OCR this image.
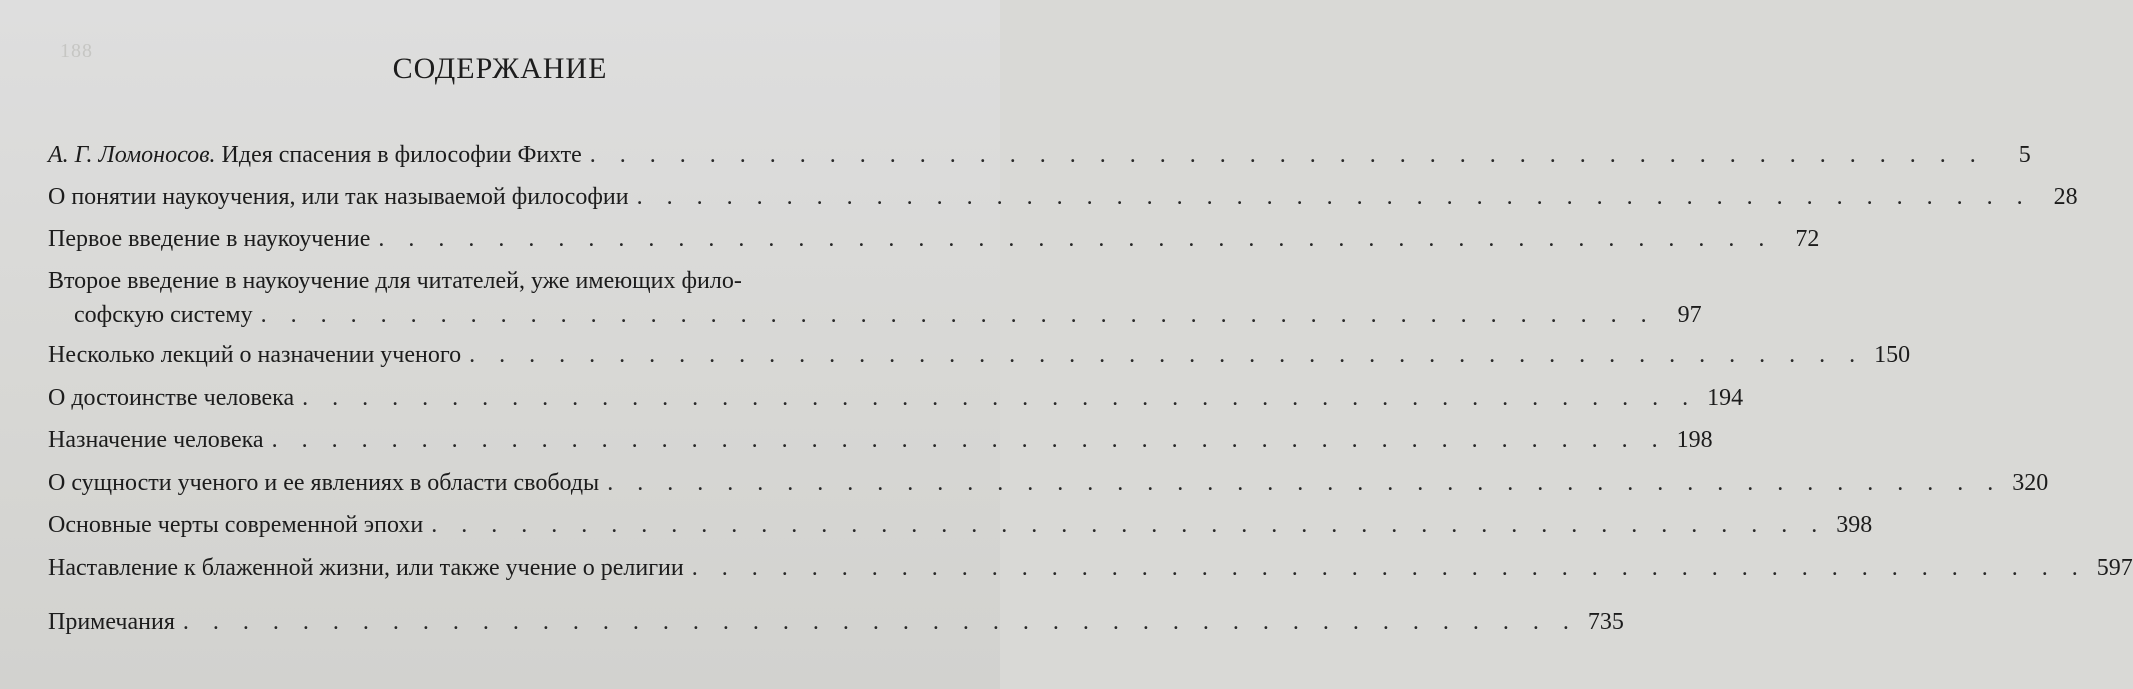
188
СОДЕРЖАНИЕ
А. Г. Ломоносов. Идея спасения в философии Фихте . . . . . . . . . . . . . . . . . . . . . . . . . . . . . . . . . . . . . . . . . . . . . . .	5
О понятии наукоучения, или так называемой философии . . . . . . . . . . . . . . . . . . . . . . . . . . . . . . . . . . . . . . . . . . . . . . . 28
Первое введение в наукоучение . . . . . . . . . . . . . . . . . . . . . . . . . . . . . . . . . . . . . . . . . . . . . . . 72
Второе введение в наукоучение для читателей, уже имеющих фило-
софскую систему . . . . . . . . . . . . . . . . . . . . . . . . . . . . . . . . . . . . . . . . . . . . . . . 97
Несколько лекций о назначении ученого . . . . . . . . . . . . . . . . . . . . . . . . . . . . . . . . . . . . . . . . . . . . . . . 150
О достоинстве человека . . . . . . . . . . . . . . . . . . . . . . . . . . . . . . . . . . . . . . . . . . . . . . . 194
Назначение человека . . . . . . . . . . . . . . . . . . . . . . . . . . . . . . . . . . . . . . . . . . . . . . . 198
О сущности ученого и ее явлениях в области свободы . . . . . . . . . . . . . . . . . . . . . . . . . . . . . . . . . . . . . . . . . . . . . . . 320
Основные черты современной эпохи . . . . . . . . . . . . . . . . . . . . . . . . . . . . . . . . . . . . . . . . . . . . . . . 398
Наставление к блаженной жизни, или также учение о религии . . . . . . . . . . . . . . . . . . . . . . . . . . . . . . . . . . . . . . . . . . . . . . . 597
Примечания . . . . . . . . . . . . . . . . . . . . . . . . . . . . . . . . . . . . . . . . . . . . . . . 735
